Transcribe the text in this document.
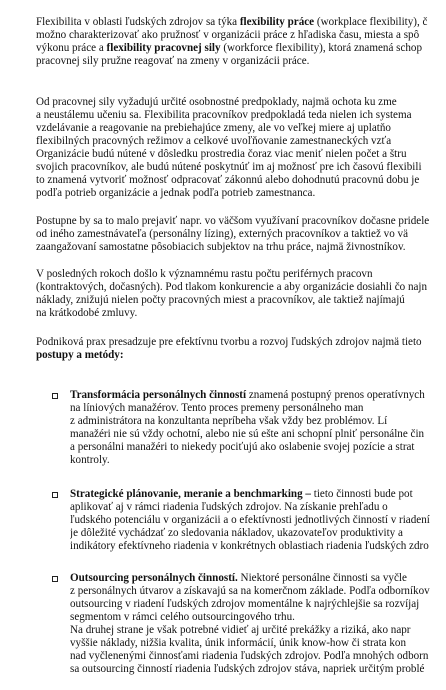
Flexibilita v oblasti ľudských zdrojov sa týka flexibility práce (workplace flexibility), č
možno charakterizovať ako pružnosť v organizácii práce z hľadiska času, miesta a spô
výkonu práce a flexibility pracovnej sily (workforce flexibility), ktorá znamená schop
pracovnej sily pružne reagovať na zmeny v organizácii práce.
Od pracovnej sily vyžadujú určité osobnostné predpoklady, najmä ochota ku zme
a neustálemu učeniu sa. Flexibilita pracovníkov predpokladá teda nielen ich systema
vzdelávanie a reagovanie na prebiehajúce zmeny, ale vo veľkej miere aj uplatňo
flexibilných pracovných režimov a celkové uvoľňovanie zamestnaneckých vzťa
Organizácie budú nútené v dôsledku prostredia čoraz viac meniť nielen počet a štru
svojich pracovníkov, ale budú nútené poskytnúť im aj možnosť pre ich časovú flexibili
to znamená vytvoriť možnosť odpracovať zákonnú alebo dohodnutú pracovnú dobu je
podľa potrieb organizácie a jednak podľa potrieb zamestnanca.
Postupne by sa to malo prejaviť napr. vo väčšom využívaní pracovníkov dočasne pridele
od iného zamestnávateľa (personálny lízing), externých pracovníkov a taktiež vo vä
zaangažovaní samostatne pôsobiacich subjektov na trhu práce, najmä živnostníkov.
V posledných rokoch došlo k významnému rastu počtu periférnych pracovn
(kontraktových, dočasných). Pod tlakom konkurencie a aby organizácie dosiahli čo najn
náklady, znižujú nielen počty pracovných miest a pracovníkov, ale taktiež najímajú
na krátkodobé zmluvy.
Podniková prax presadzuje pre efektívnu tvorbu a rozvoj ľudských zdrojov najmä tieto
postupy a metódy:
Transformácia personálnych činností znamená postupný prenos operatívnych
na líniových manažérov. Tento proces premeny personálneho man
z administrátora na konzultanta nepríbeha však vždy bez problémov. Lí
manažéri nie sú vždy ochotní, alebo nie sú ešte ani schopní plniť personálne čin
a personálni manažéri to niekedy pociťujú ako oslabenie svojej pozície a strat
kontroly.
Strategické plánovanie, meranie a benchmarking – tieto činnosti bude pot
aplikovať aj v rámci riadenia ľudských zdrojov. Na získanie prehľadu o
ľudského potenciálu v organizácii a o efektívnosti jednotlivých činností v riadení
je dôležité vychádzať zo sledovania nákladov, ukazovateľov produktivity a
indikátory efektívneho riadenia v konkrétnych oblastiach riadenia ľudských zdro
Outsourcing personálnych činností. Niektoré personálne činnosti sa vyčle
z personálnych útvarov a získavajú sa na komerčnom základe. Podľa odborníkov
outsourcing v riadení ľudských zdrojov momentálne k najrýchlejšie sa rozvíjaj
segmentom v rámci celého outsourcingového trhu.
Na druhej strane je však potrebné vidieť aj určité prekážky a riziká, ako napr
vyššie náklady, nižšia kvalita, únik informácií, únik know-how či strata kon
nad vyčlenenými činnosťami riadenia ľudských zdrojov. Podľa mnohých odborn
sa outsourcing činností riadenia ľudských zdrojov stáva, napriek určitým problé
